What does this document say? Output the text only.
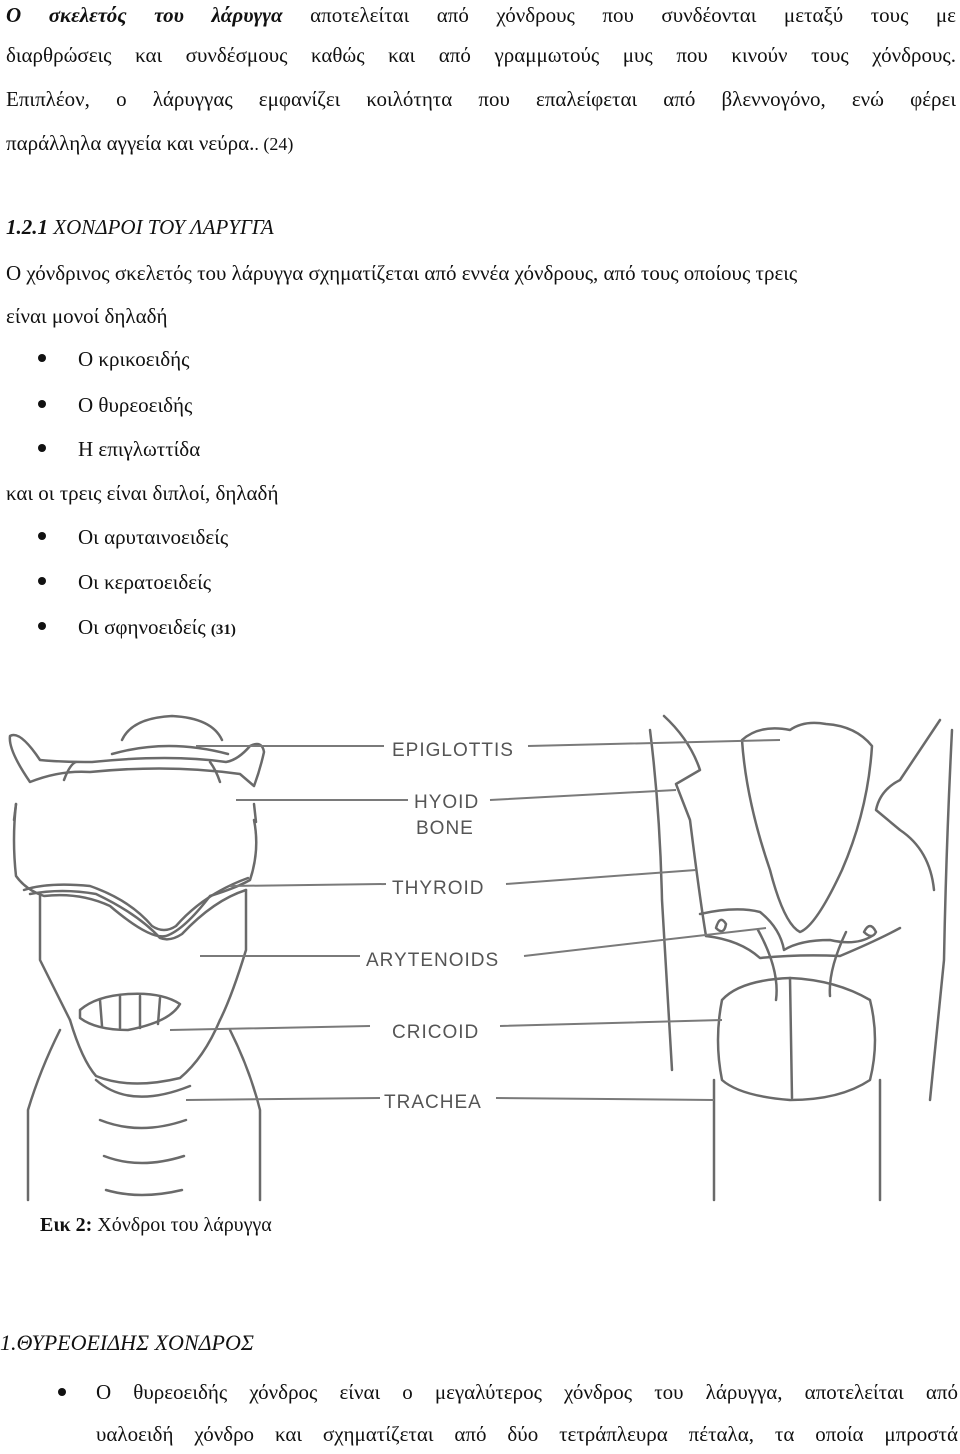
Ο σκελετός του λάρυγγα αποτελείται από χόνδρους που συνδέονται μεταξύ τους με
διαρθρώσεις και συνδέσμους καθώς και από γραμμωτούς μυς που κινούν τους χόνδρους.
Επιπλέον, ο λάρυγγας εμφανίζει κοιλότητα που επαλείφεται από βλεννογόνο, ενώ φέρει
παράλληλα αγγεία και νεύρα.. (24)
1.2.1 ΧΟΝΔΡΟΙ ΤΟΥ ΛΑΡΥΓΓΑ
Ο χόνδρινος σκελετός του λάρυγγα σχηματίζεται από εννέα χόνδρους, από τους οποίους τρεις
είναι μονοί δηλαδή
Ο κρικοειδής
Ο θυρεοειδής
Η επιγλωττίδα
και οι τρεις είναι διπλοί, δηλαδή
Οι αρυταινοειδείς
Οι κερατοειδείς
Οι σφηνοειδείς (31)
EPIGLOTTIS
HYOID
BONE
THYROID
ARYTENOIDS
CRICOID
TRACHEA
Εικ 2: Χόνδροι του λάρυγγα
1.ΘΥΡΕΟΕΙΔΗΣ ΧΟΝΔΡΟΣ
Ο θυρεοειδής χόνδρος είναι ο μεγαλύτερος χόνδρος του λάρυγγα, αποτελείται από
υαλοειδή χόνδρο και σχηματίζεται από δύο τετράπλευρα πέταλα, τα οποία μπροστά
